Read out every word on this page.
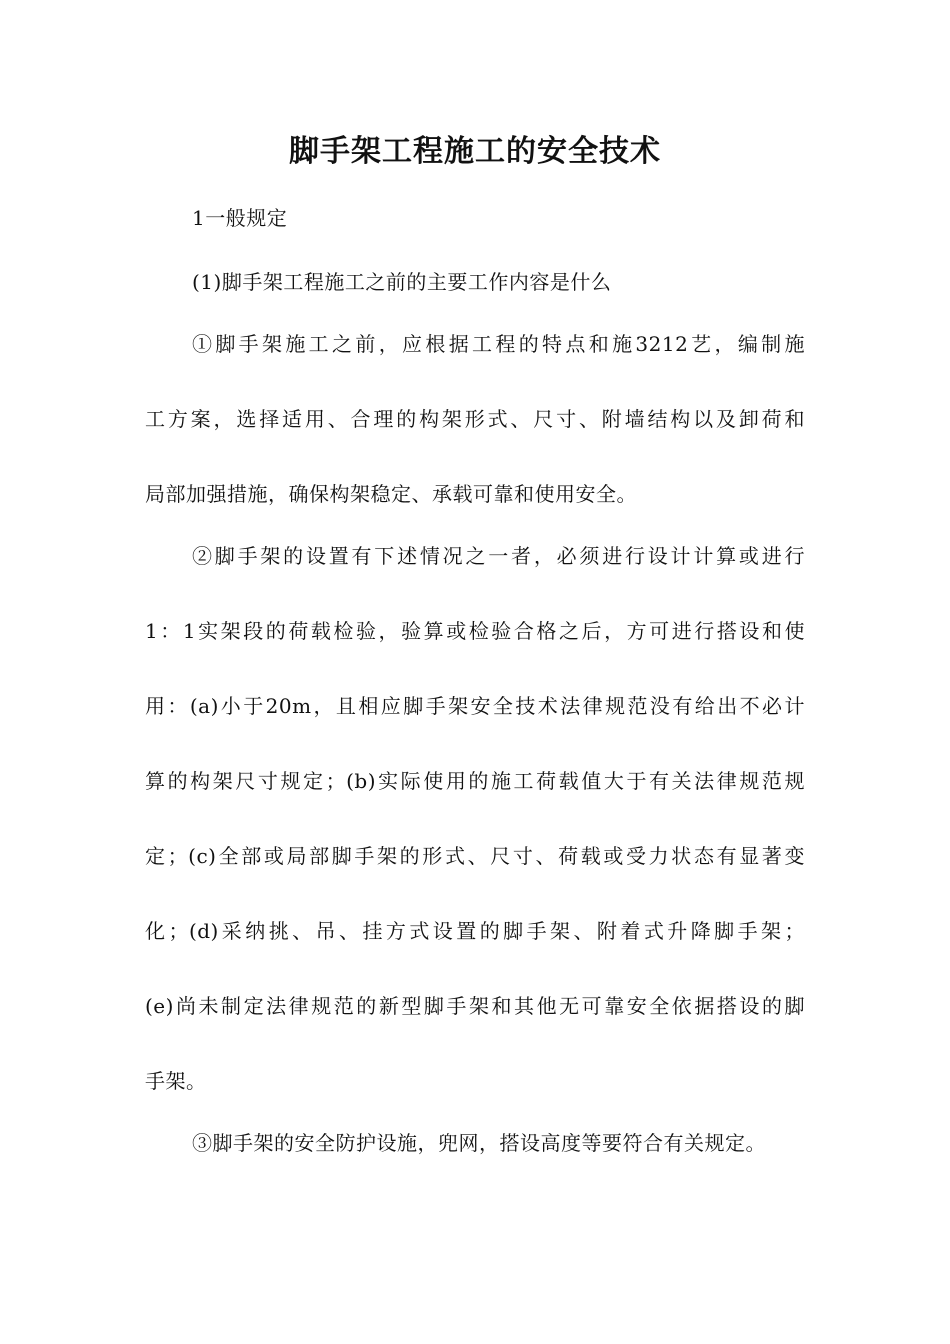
脚手架工程施工的安全技术
1一般规定
(1)脚手架工程施工之前的主要工作内容是什么
①脚手架施工之前，应根据工程的特点和施3212艺，编制施
工方案，选择适用、合理的构架形式、尺寸、附墙结构以及卸荷和
局部加强措施，确保构架稳定、承载可靠和使用安全。
②脚手架的设置有下述情况之一者，必须进行设计计算或进行
1：1实架段的荷载检验，验算或检验合格之后，方可进行搭设和使
用：(a)小于20m，且相应脚手架安全技术法律规范没有给出不必计
算的构架尺寸规定；(b)实际使用的施工荷载值大于有关法律规范规
定；(c)全部或局部脚手架的形式、尺寸、荷载或受力状态有显著变
化；(d)采纳挑、吊、挂方式设置的脚手架、附着式升降脚手架；
(e)尚未制定法律规范的新型脚手架和其他无可靠安全依据搭设的脚
手架。
③脚手架的安全防护设施，兜网，搭设高度等要符合有关规定。
